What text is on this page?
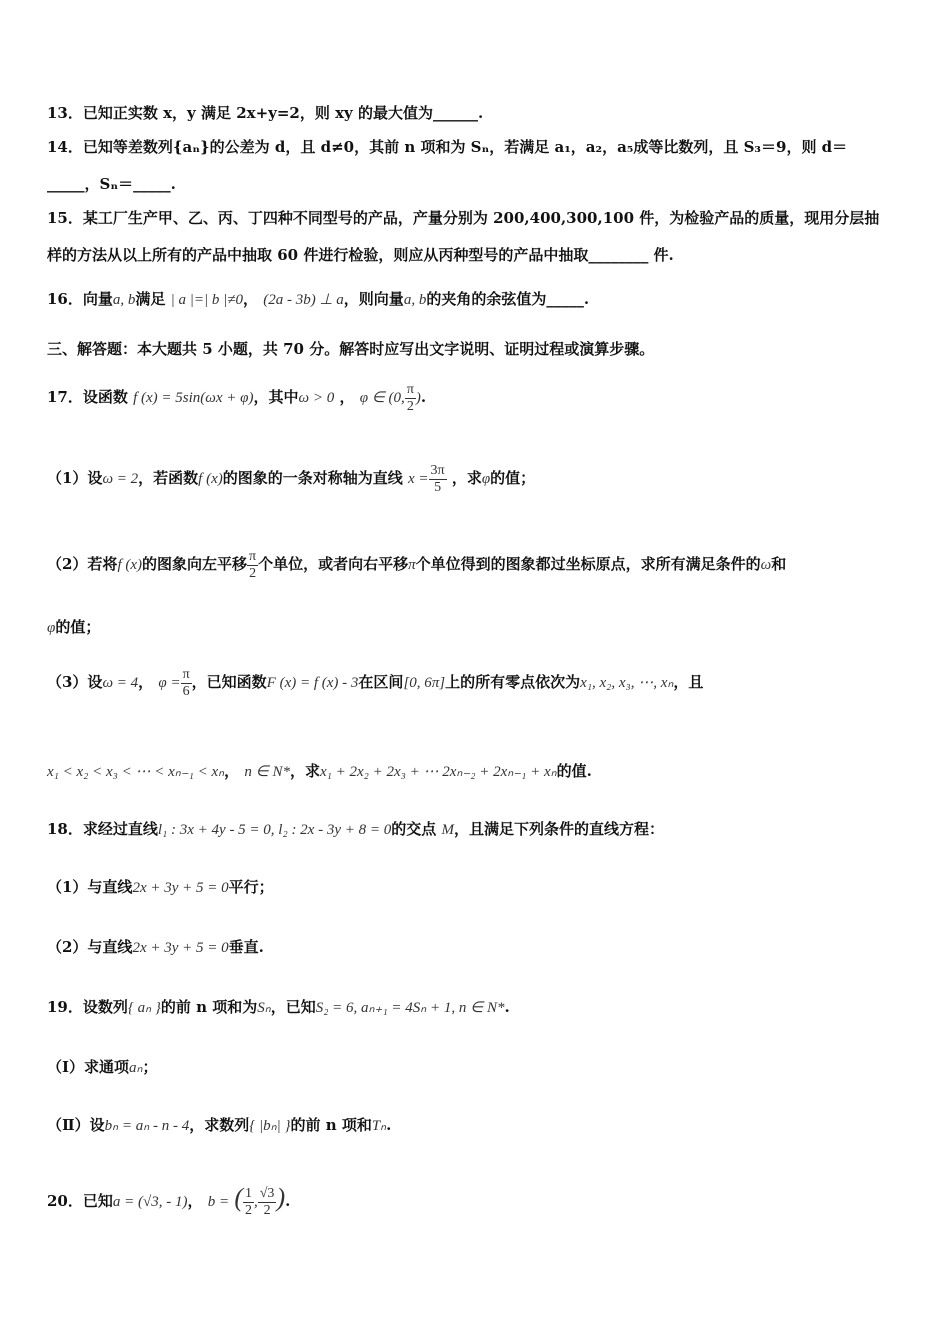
13．已知正实数 x，y 满足 2x+y=2，则 xy 的最大值为______.
14．已知等差数列{aₙ}的公差为 d，且 d≠0，其前 n 项和为 Sₙ，若满足 a₁，a₂，a₅成等比数列，且 S₃＝9，则 d＝
_____，Sₙ＝_____.
15．某工厂生产甲、乙、丙、丁四种不同型号的产品，产量分别为 200,400,300,100 件，为检验产品的质量，现用分层抽
样的方法从以上所有的产品中抽取 60 件进行检验，则应从丙种型号的产品中抽取________ 件.
16．向量a, b满足 | a |=| b |≠0， (2a - 3b) ⊥ a，则向量a, b的夹角的余弦值为_____.
三、解答题：本大题共 5 小题，共 70 分。解答时应写出文字说明、证明过程或演算步骤。
17．设函数 f (x) = 5sin(ωx + φ)，其中ω > 0 ， φ ∈ (0, $\frac{\pi}{2}$ ).
（1）设ω = 2，若函数f (x)的图象的一条对称轴为直线 $x = \frac{3\pi}{5}$ ，求φ的值；
（2）若将f (x)的图象向左平移 $\frac{\pi}{2}$ 个单位，或者向右平移π个单位得到的图象都过坐标原点，求所有满足条件的ω和
φ的值；
（3）设ω = 4， $\varphi = \frac{\pi}{6}$ ，已知函数F (x) = f (x) - 3在区间[0, 6π]上的所有零点依次为x₁, x₂, x₃, ⋯, xₙ，且
x₁ < x₂ < x₃ < ⋯ < xₙ₋₁ < xₙ， n ∈ N*，求x₁ + 2x₂ + 2x₃ + ⋯ 2xₙ₋₂ + 2xₙ₋₁ + xₙ的值.
18．求经过直线l₁ : 3x + 4y - 5 = 0, l₂ : 2x - 3y + 8 = 0的交点 M，且满足下列条件的直线方程：
（1）与直线2x + 3y + 5 = 0平行；
（2）与直线2x + 3y + 5 = 0垂直.
19．设数列{ aₙ }的前 n 项和为Sₙ，已知S₂ = 6, aₙ₊₁ = 4Sₙ + 1, n ∈ N*.
（Ⅰ）求通项aₙ；
（Ⅱ）设bₙ = aₙ - n - 4，求数列{ |bₙ| }的前 n 项和Tₙ.
20．已知a = (√3, - 1)， b = ( $\frac{1}{2}$ , $\frac{√3}{2}$ ).
